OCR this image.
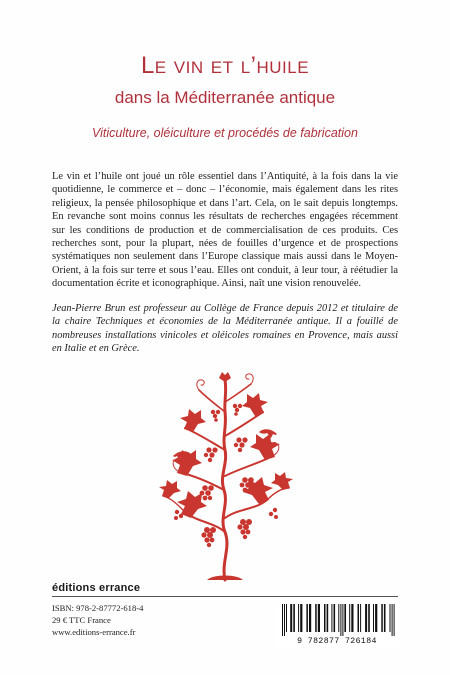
Le vin et l’huile
dans la Méditerranée antique
Viticulture, oléiculture et procédés de fabrication

Le vin et l’huile ont joué un rôle essentiel dans l’Antiquité, à la fois dans la vie quotidienne, le commerce et – donc – l’économie, mais également dans les rites religieux, la pensée philosophique et dans l’art. Cela, on le sait depuis longtemps. En revanche sont moins connus les résultats de recherches engagées récemment sur les conditions de production et de commercialisation de ces produits. Ces recherches sont, pour la plupart, nées de fouilles d’urgence et de prospections systématiques non seulement dans l’Europe classique mais aussi dans le Moyen-Orient, à la fois sur terre et sous l’eau. Elles ont conduit, à leur tour, à réétudier la documentation écrite et iconographique. Ainsi, naît une vision renouvelée.

Jean-Pierre Brun est professeur au Collège de France depuis 2012 et titulaire de la chaire Techniques et économies de la Méditerranée antique. Il a fouillé de nombreuses installations vinicoles et oléicoles romaines en Provence, mais aussi en Italie et en Grèce.

éditions errance
ISBN: 978-2-87772-618-4
29 € TTC France
www.editions-errance.fr
9 782877 726184
